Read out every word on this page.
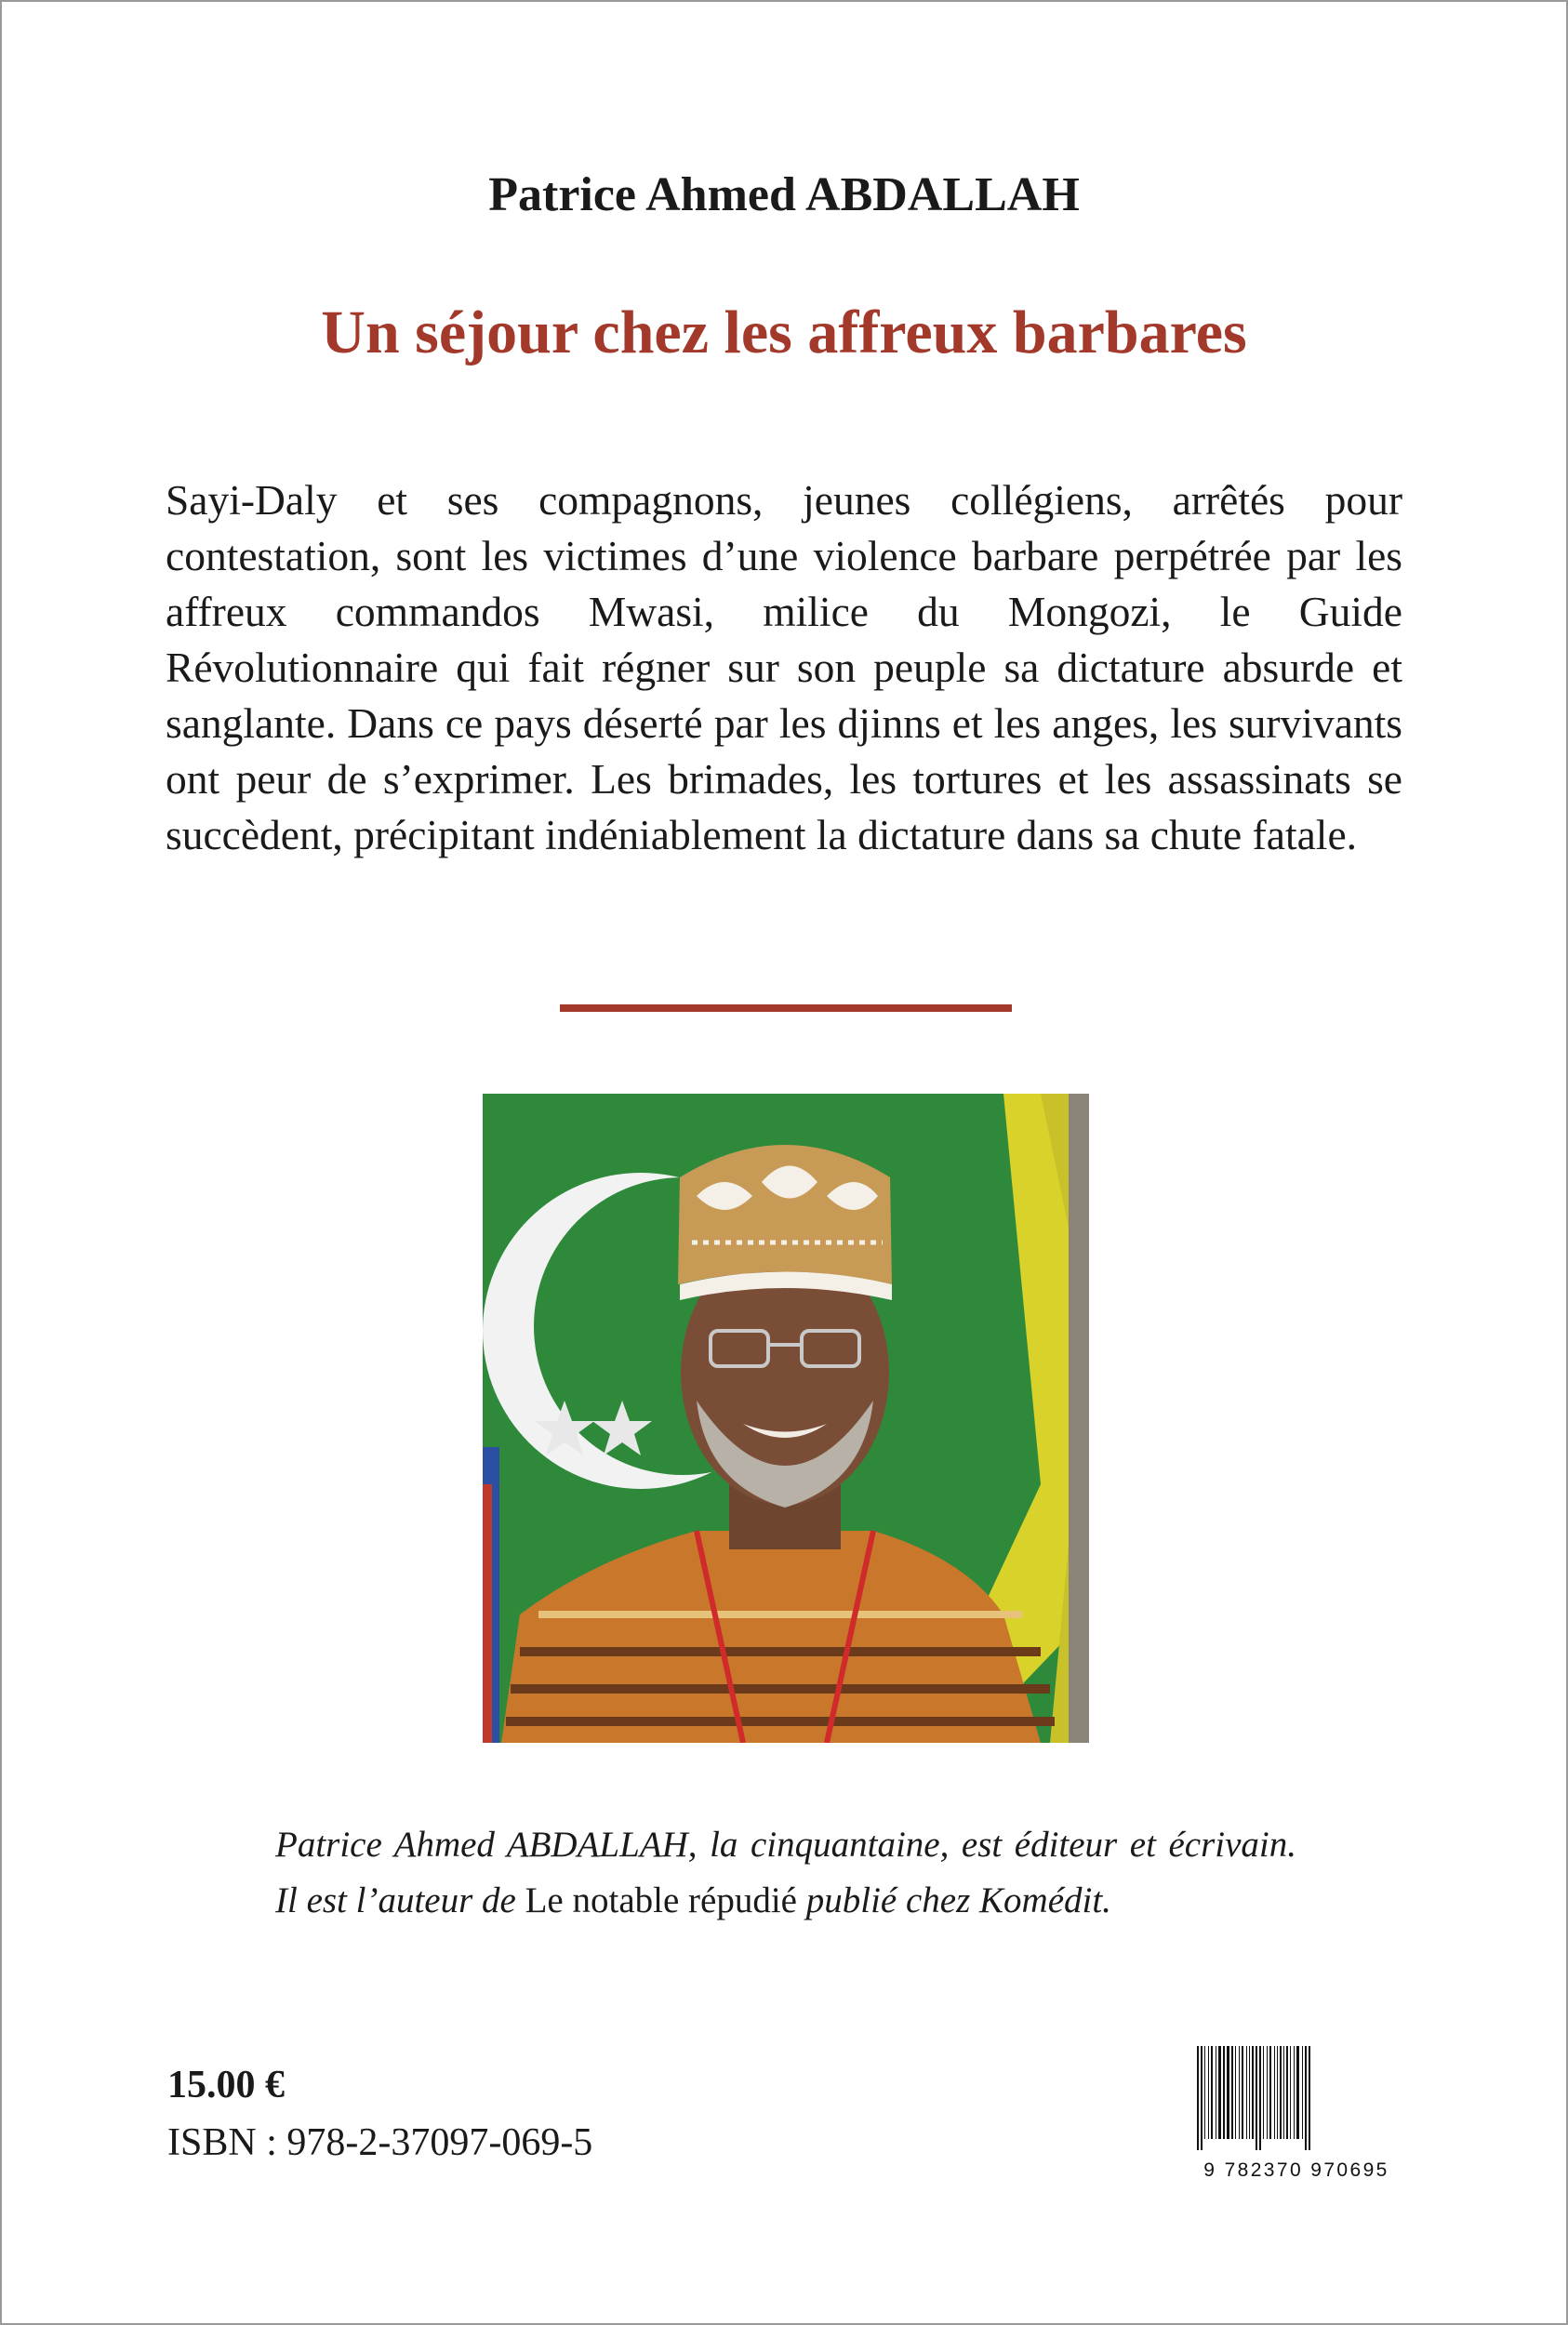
Patrice Ahmed ABDALLAH
Un séjour chez les affreux barbares

Sayi-Daly et ses compagnons, jeunes collégiens, arrêtés pour contestation, sont les victimes d’une violence barbare perpétrée par les affreux commandos Mwasi, milice du Mongozi, le Guide Révolutionnaire qui fait régner sur son peuple sa dictature absurde et sanglante. Dans ce pays déserté par les djinns et les anges, les survivants ont peur de s’exprimer. Les brimades, les tortures et les assassinats se succèdent, précipitant indéniablement la dictature dans sa chute fatale.

Patrice Ahmed ABDALLAH, la cinquantaine, est éditeur et écrivain. Il est l’auteur de Le notable répudié publié chez Komédit.

15.00 €
ISBN : 978-2-37097-069-5
9 782370 970695
